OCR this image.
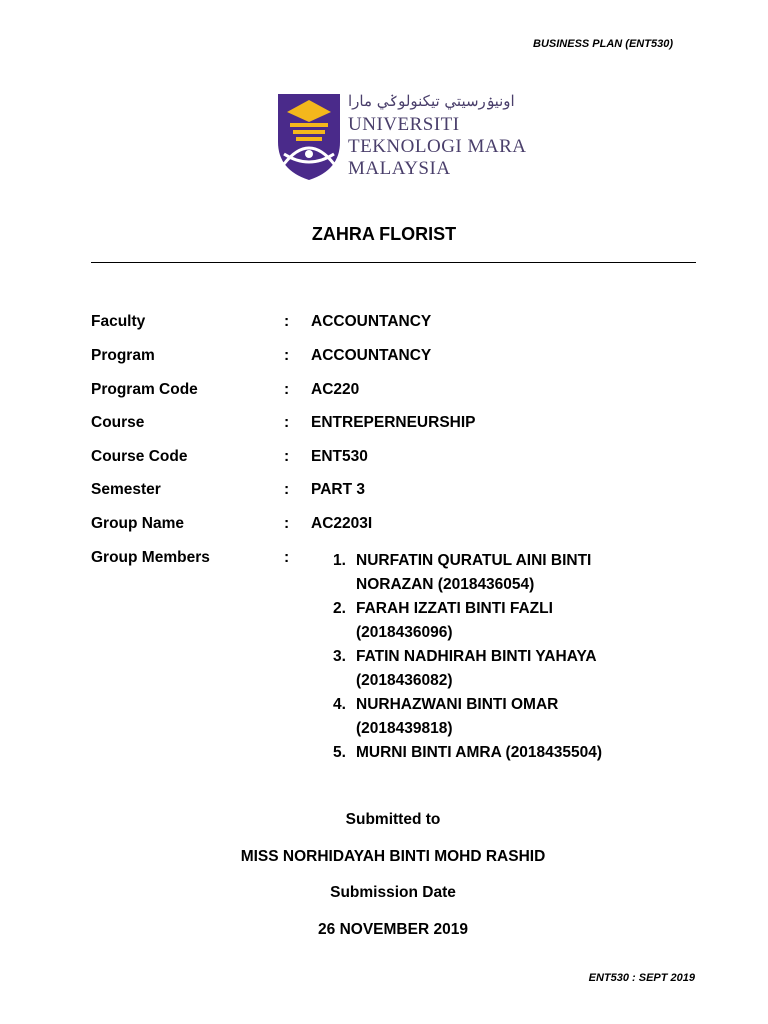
BUSINESS PLAN (ENT530)
اونيۏرسيتي تيكنولوݢي مارا
UNIVERSITI
TEKNOLOGI MARA
MALAYSIA
ZAHRA FLORIST
Faculty	: ACCOUNTANCY
Program	: ACCOUNTANCY
Program Code	: AC220
Course	: ENTREPERNEURSHIP
Course Code	: ENT530
Semester	: PART 3
Group Name	: AC2203I
Group Members	:	1. NURFATIN QURATUL AINI BINTI
NORAZAN (2018436054)
2. FARAH IZZATI BINTI FAZLI
(2018436096)
3. FATIN NADHIRAH BINTI YAHAYA
(2018436082)
4. NURHAZWANI BINTI OMAR
(2018439818)
5. MURNI BINTI AMRA (2018435504)
Submitted to
MISS NORHIDAYAH BINTI MOHD RASHID
Submission Date
26 NOVEMBER 2019
ENT530 : SEPT 2019
